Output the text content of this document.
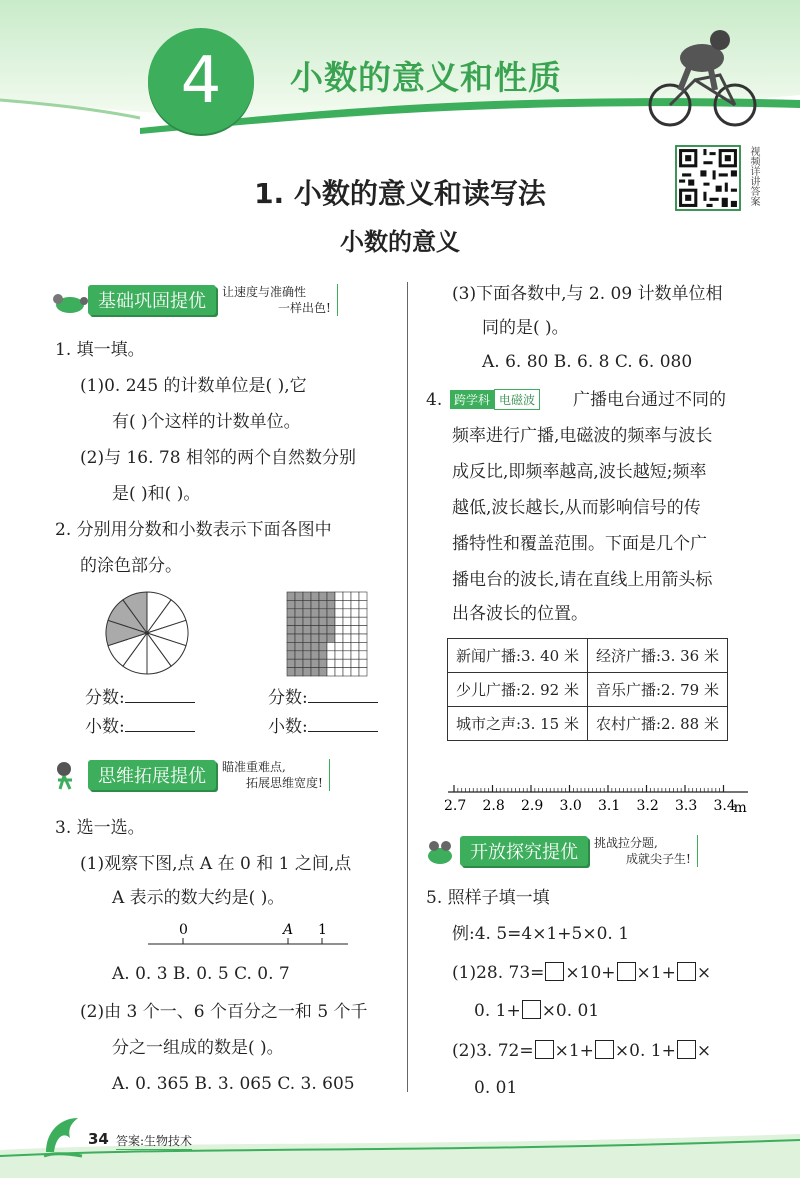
4	小数的意义和性质
视频详讲答案
1. 小数的意义和读写法
小数的意义
基础巩固提优	让速度与准确性
一样出色!
1. 填一填。
(1)0. 245 的计数单位是( ),它
有( )个这样的计数单位。
(2)与 16. 78 相邻的两个自然数分别
是( )和( )。
2. 分别用分数和小数表示下面各图中
的涂色部分。
分数:
小数:
分数:
小数:
思维拓展提优	瞄准重难点,
拓展思维宽度!
3. 选一选。
(1)观察下图,点 A 在 0 和 1 之间,点
A 表示的数大约是( )。
0	A 1
A. 0. 3 B. 0. 5 C. 0. 7
(2)由 3 个一、6 个百分之一和 5 个千
分之一组成的数是( )。
A. 0. 365 B. 3. 065 C. 3. 605
(3)下面各数中,与 2. 09 计数单位相
同的是( )。
A. 6. 80 B. 6. 8 C. 6. 080
4. 跨学科 电磁波 广播电台通过不同的
频率进行广播,电磁波的频率与波长
成反比,即频率越高,波长越短;频率
越低,波长越长,从而影响信号的传
播特性和覆盖范围。下面是几个广
播电台的波长,请在直线上用箭头标
出各波长的位置。
新闻广播:3. 40 米	经济广播:3. 36 米
少儿广播:2. 92 米	音乐广播:2. 79 米
城市之声:3. 15 米	农村广播:2. 88 米
2.7 2.8 2.9 3.0 3.1 3.2 3.3 3.4
m
开放探究提优	挑战拉分题,
成就尖子生!
5. 照样子填一填
例:4. 5=4×1+5×0. 1
(1)28. 73= ×10+ ×1+ ×
0. 1+ ×0. 01
(2)3. 72= ×1+ ×0. 1+ ×
0. 01
34 答案:生物技术
